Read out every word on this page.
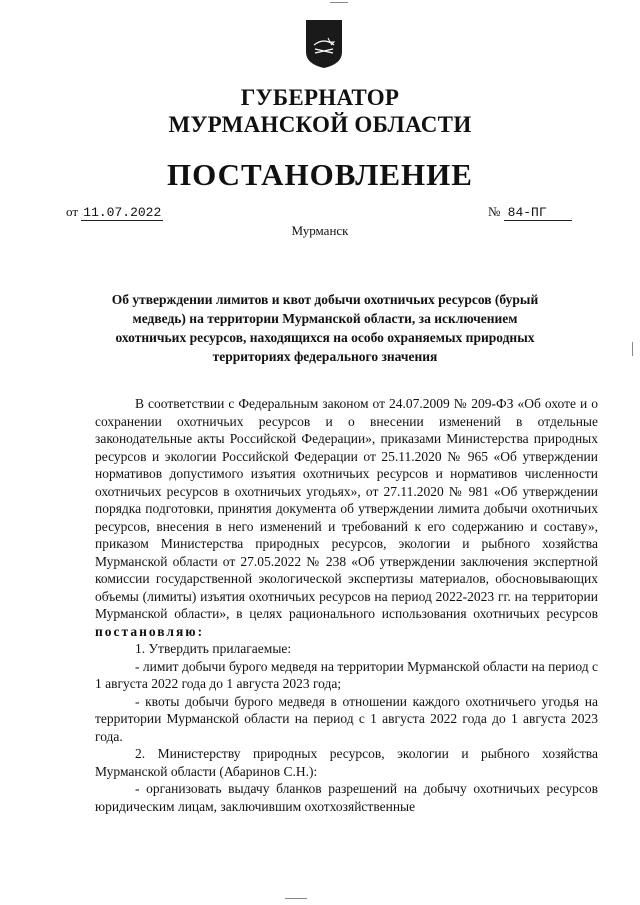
ГУБЕРНАТОР
МУРМАНСКОЙ ОБЛАСТИ
ПОСТАНОВЛЕНИЕ
от 11.07.2022	№ 84-ПГ
Мурманск
Об утверждении лимитов и квот добычи охотничьих ресурсов (бурый медведь) на территории Мурманской области, за исключением охотничьих ресурсов, находящихся на особо охраняемых природных территориях федерального значения

В соответствии с Федеральным законом от 24.07.2009 № 209-ФЗ «Об охоте и о сохранении охотничьих ресурсов и о внесении изменений в отдельные законодательные акты Российской Федерации», приказами Министерства природных ресурсов и экологии Российской Федерации от 25.11.2020 № 965 «Об утверждении нормативов допустимого изъятия охотничьих ресурсов и нормативов численности охотничьих ресурсов в охотничьих угодьях», от 27.11.2020 № 981 «Об утверждении порядка подготовки, принятия документа об утверждении лимита добычи охотничьих ресурсов, внесения в него изменений и требований к его содержанию и составу», приказом Министерства природных ресурсов, экологии и рыбного хозяйства Мурманской области от 27.05.2022 № 238 «Об утверждении заключения экспертной комиссии государственной экологической экспертизы материалов, обосновывающих объемы (лимиты) изъятия охотничьих ресурсов на период 2022-2023 гг. на территории Мурманской области», в целях рационального использования охотничьих ресурсов постановляю:

1. Утвердить прилагаемые:

- лимит добычи бурого медведя на территории Мурманской области на период с 1 августа 2022 года до 1 августа 2023 года;

- квоты добычи бурого медведя в отношении каждого охотничьего угодья на территории Мурманской области на период с 1 августа 2022 года до 1 августа 2023 года.

2. Министерству природных ресурсов, экологии и рыбного хозяйства Мурманской области (Абаринов С.Н.):

- организовать выдачу бланков разрешений на добычу охотничьих ресурсов юридическим лицам, заключившим охотхозяйственные
